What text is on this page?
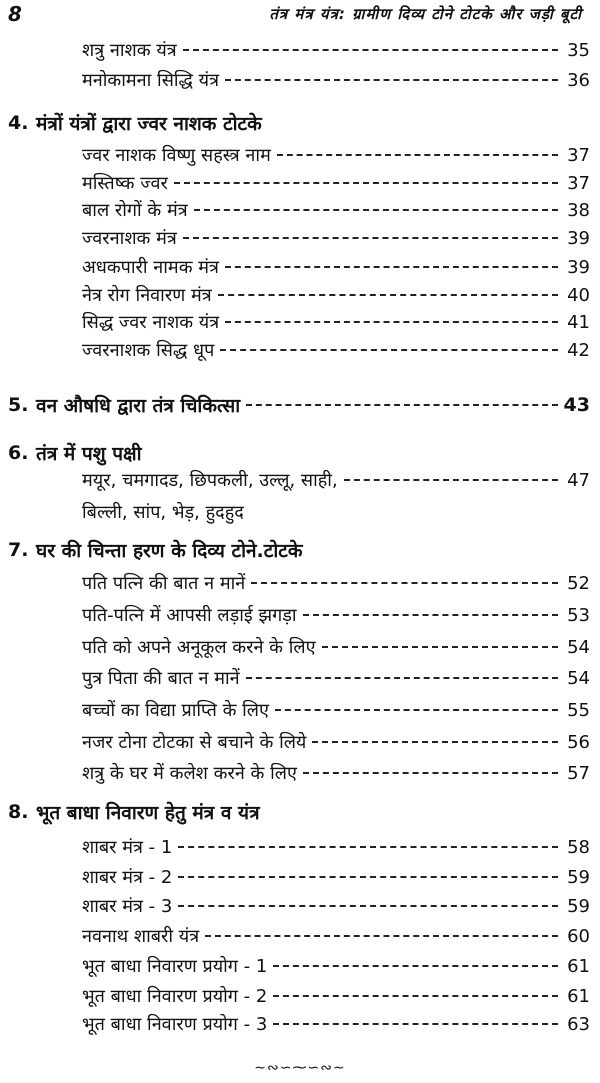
8	तंत्र मंत्र यंत्र: ग्रामीण दिव्य टोने टोटके और जड़ी बूटी
शत्रु नाशक यंत्र	35
मनोकामना सिद्धि यंत्र	36
4. मंत्रों यंत्रों द्वारा ज्वर नाशक टोटके
ज्वर नाशक विष्णु सहस्त्र नाम	37
मस्तिष्क ज्वर	37
बाल रोगों के मंत्र	38
ज्वरनाशक मंत्र	39
अधकपारी नामक मंत्र	39
नेत्र रोग निवारण मंत्र	40
सिद्ध ज्वर नाशक यंत्र	41
ज्वरनाशक सिद्ध धूप	42
5. वन औषधि द्वारा तंत्र चिकित्सा	43
6. तंत्र में पशु पक्षी
मयूर, चमगादड, छिपकली, उल्लू, साही,	47
बिल्ली, सांप, भेड़, हुदहुद
7. घर की चिन्ता हरण के दिव्य टोने.टोटके
पति पत्नि की बात न मानें	52
पति-पत्नि में आपसी लड़ाई झगड़ा	53
पति को अपने अनूकूल करने के लिए	54
पुत्र पिता की बात न मानें	54
बच्चों का विद्या प्राप्ति के लिए	55
नजर टोना टोटका से बचाने के लिये	56
शत्रु के घर में कलेश करने के लिए	57
8. भूत बाधा निवारण हेतु मंत्र व यंत्र
शाबर मंत्र - 1	58
शाबर मंत्र - 2	59
शाबर मंत्र - 3	59
नवनाथ शाबरी यंत्र	60
भूत बाधा निवारण प्रयोग - 1	61
भूत बाधा निवारण प्रयोग - 2	61
भूत बाधा निवारण प्रयोग - 3	63
∼∾∽⁓∽∾∼
